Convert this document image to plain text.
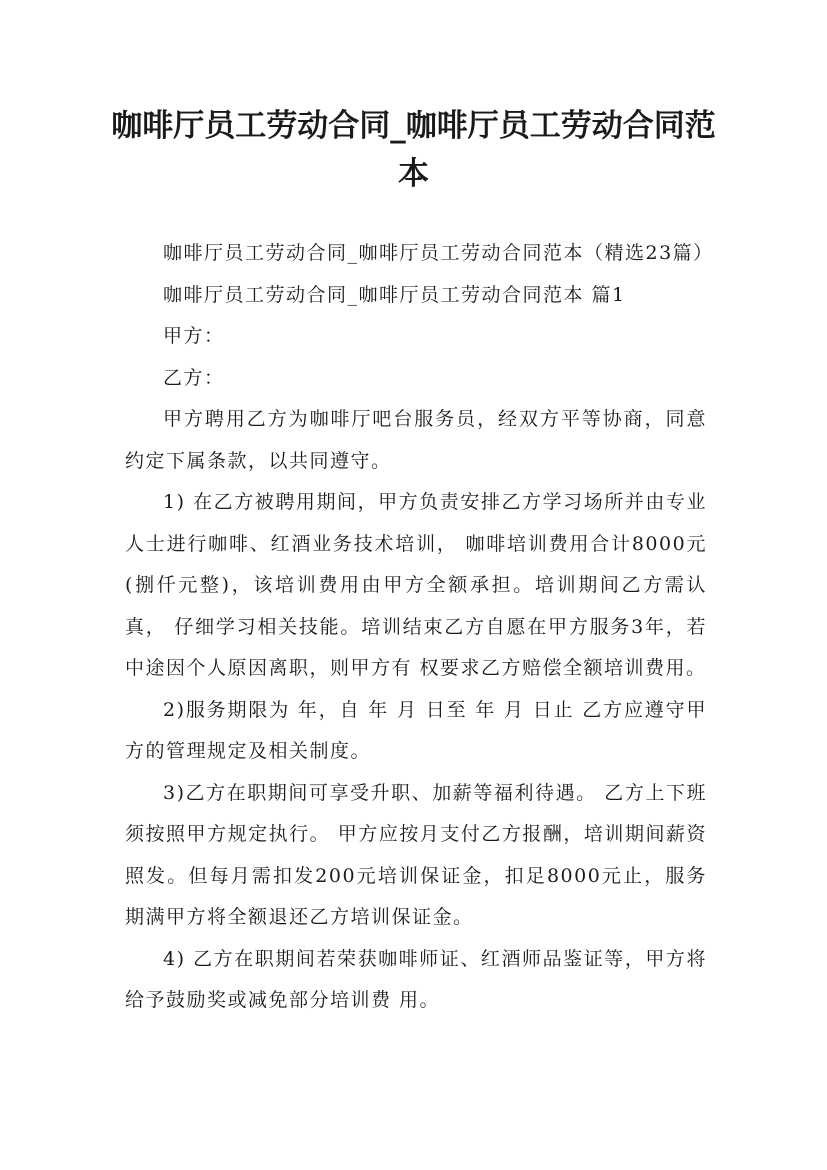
咖啡厅员工劳动合同_咖啡厅员工劳动合同范本

咖啡厅员工劳动合同_咖啡厅员工劳动合同范本（精选23篇）

咖啡厅员工劳动合同_咖啡厅员工劳动合同范本 篇1

甲方：

乙方：

甲方聘用乙方为咖啡厅吧台服务员，经双方平等协商，同意约定下属条款，以共同遵守。

1) 在乙方被聘用期间，甲方负责安排乙方学习场所并由专业人士进行咖啡、红酒业务技术培训， 咖啡培训费用合计8000元(捌仟元整)，该培训费用由甲方全额承担。培训期间乙方需认真， 仔细学习相关技能。培训结束乙方自愿在甲方服务3年，若中途因个人原因离职，则甲方有 权要求乙方赔偿全额培训费用。

2)服务期限为 年，自 年 月 日至 年 月 日止 乙方应遵守甲方的管理规定及相关制度。

3)乙方在职期间可享受升职、加薪等福利待遇。 乙方上下班须按照甲方规定执行。 甲方应按月支付乙方报酬，培训期间薪资照发。但每月需扣发200元培训保证金，扣足8000元止，服务期满甲方将全额退还乙方培训保证金。

4) 乙方在职期间若荣获咖啡师证、红酒师品鉴证等，甲方将给予鼓励奖或减免部分培训费 用。
